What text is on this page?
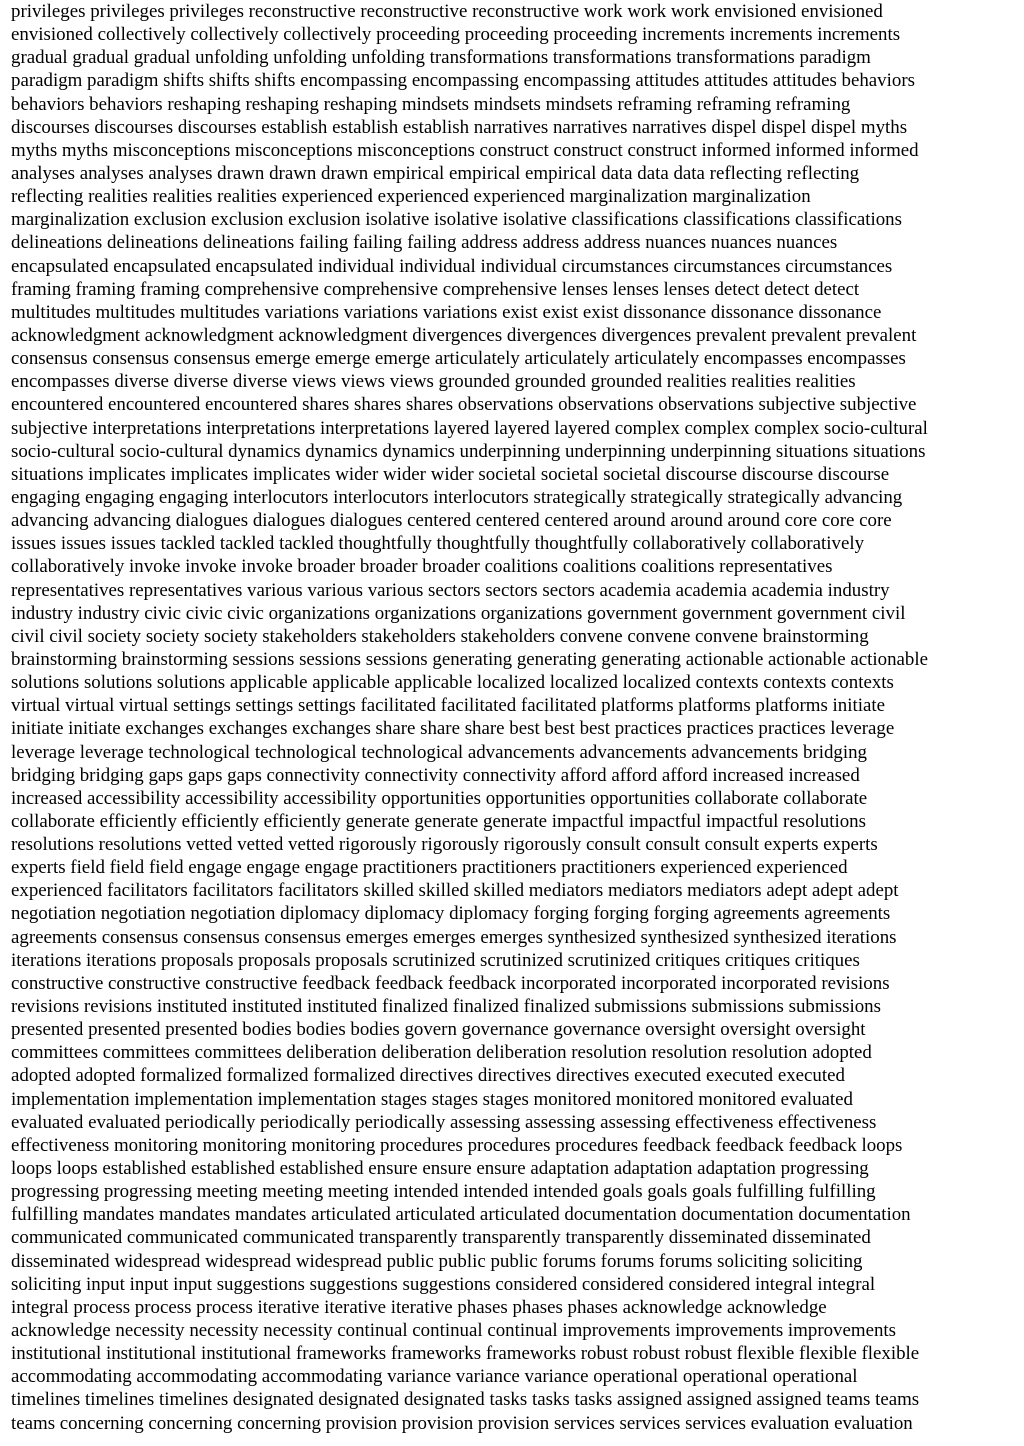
privileges privileges privileges reconstructive reconstructive reconstructive work work work envisioned envisioned
envisioned collectively collectively collectively proceeding proceeding proceeding increments increments increments
gradual gradual gradual unfolding unfolding unfolding transformations transformations transformations paradigm
paradigm paradigm shifts shifts shifts encompassing encompassing encompassing attitudes attitudes attitudes behaviors
behaviors behaviors reshaping reshaping reshaping mindsets mindsets mindsets reframing reframing reframing
discourses discourses discourses establish establish establish narratives narratives narratives dispel dispel dispel myths
myths myths misconceptions misconceptions misconceptions construct construct construct informed informed informed
analyses analyses analyses drawn drawn drawn empirical empirical empirical data data data reflecting reflecting
reflecting realities realities realities experienced experienced experienced marginalization marginalization
marginalization exclusion exclusion exclusion isolative isolative isolative classifications classifications classifications
delineations delineations delineations failing failing failing address address address nuances nuances nuances
encapsulated encapsulated encapsulated individual individual individual circumstances circumstances circumstances
framing framing framing comprehensive comprehensive comprehensive lenses lenses lenses detect detect detect
multitudes multitudes multitudes variations variations variations exist exist exist dissonance dissonance dissonance
acknowledgment acknowledgment acknowledgment divergences divergences divergences prevalent prevalent prevalent
consensus consensus consensus emerge emerge emerge articulately articulately articulately encompasses encompasses
encompasses diverse diverse diverse views views views grounded grounded grounded realities realities realities
encountered encountered encountered shares shares shares observations observations observations subjective subjective
subjective interpretations interpretations interpretations layered layered layered complex complex complex socio-cultural
socio-cultural socio-cultural dynamics dynamics dynamics underpinning underpinning underpinning situations situations
situations implicates implicates implicates wider wider wider societal societal societal discourse discourse discourse
engaging engaging engaging interlocutors interlocutors interlocutors strategically strategically strategically advancing
advancing advancing dialogues dialogues dialogues centered centered centered around around around core core core
issues issues issues tackled tackled tackled thoughtfully thoughtfully thoughtfully collaboratively collaboratively
collaboratively invoke invoke invoke broader broader broader coalitions coalitions coalitions representatives
representatives representatives various various various sectors sectors sectors academia academia academia industry
industry industry civic civic civic organizations organizations organizations government government government civil
civil civil society society society stakeholders stakeholders stakeholders convene convene convene brainstorming
brainstorming brainstorming sessions sessions sessions generating generating generating actionable actionable actionable
solutions solutions solutions applicable applicable applicable localized localized localized contexts contexts contexts
virtual virtual virtual settings settings settings facilitated facilitated facilitated platforms platforms platforms initiate
initiate initiate exchanges exchanges exchanges share share share best best best practices practices practices leverage
leverage leverage technological technological technological advancements advancements advancements bridging
bridging bridging gaps gaps gaps connectivity connectivity connectivity afford afford afford increased increased
increased accessibility accessibility accessibility opportunities opportunities opportunities collaborate collaborate
collaborate efficiently efficiently efficiently generate generate generate impactful impactful impactful resolutions
resolutions resolutions vetted vetted vetted rigorously rigorously rigorously consult consult consult experts experts
experts field field field engage engage engage practitioners practitioners practitioners experienced experienced
experienced facilitators facilitators facilitators skilled skilled skilled mediators mediators mediators adept adept adept
negotiation negotiation negotiation diplomacy diplomacy diplomacy forging forging forging agreements agreements
agreements consensus consensus consensus emerges emerges emerges synthesized synthesized synthesized iterations
iterations iterations proposals proposals proposals scrutinized scrutinized scrutinized critiques critiques critiques
constructive constructive constructive feedback feedback feedback incorporated incorporated incorporated revisions
revisions revisions instituted instituted instituted finalized finalized finalized submissions submissions submissions
presented presented presented bodies bodies bodies govern governance governance oversight oversight oversight
committees committees committees deliberation deliberation deliberation resolution resolution resolution adopted
adopted adopted formalized formalized formalized directives directives directives executed executed executed
implementation implementation implementation stages stages stages monitored monitored monitored evaluated
evaluated evaluated periodically periodically periodically assessing assessing assessing effectiveness effectiveness
effectiveness monitoring monitoring monitoring procedures procedures procedures feedback feedback feedback loops
loops loops established established established ensure ensure ensure adaptation adaptation adaptation progressing
progressing progressing meeting meeting meeting intended intended intended goals goals goals fulfilling fulfilling
fulfilling mandates mandates mandates articulated articulated articulated documentation documentation documentation
communicated communicated communicated transparently transparently transparently disseminated disseminated
disseminated widespread widespread widespread public public public forums forums forums soliciting soliciting
soliciting input input input suggestions suggestions suggestions considered considered considered integral integral
integral process process process iterative iterative iterative phases phases phases acknowledge acknowledge
acknowledge necessity necessity necessity continual continual continual improvements improvements improvements
institutional institutional institutional frameworks frameworks frameworks robust robust robust flexible flexible flexible
accommodating accommodating accommodating variance variance variance operational operational operational
timelines timelines timelines designated designated designated tasks tasks tasks assigned assigned assigned teams teams
teams concerning concerning concerning provision provision provision services services services evaluation evaluation
